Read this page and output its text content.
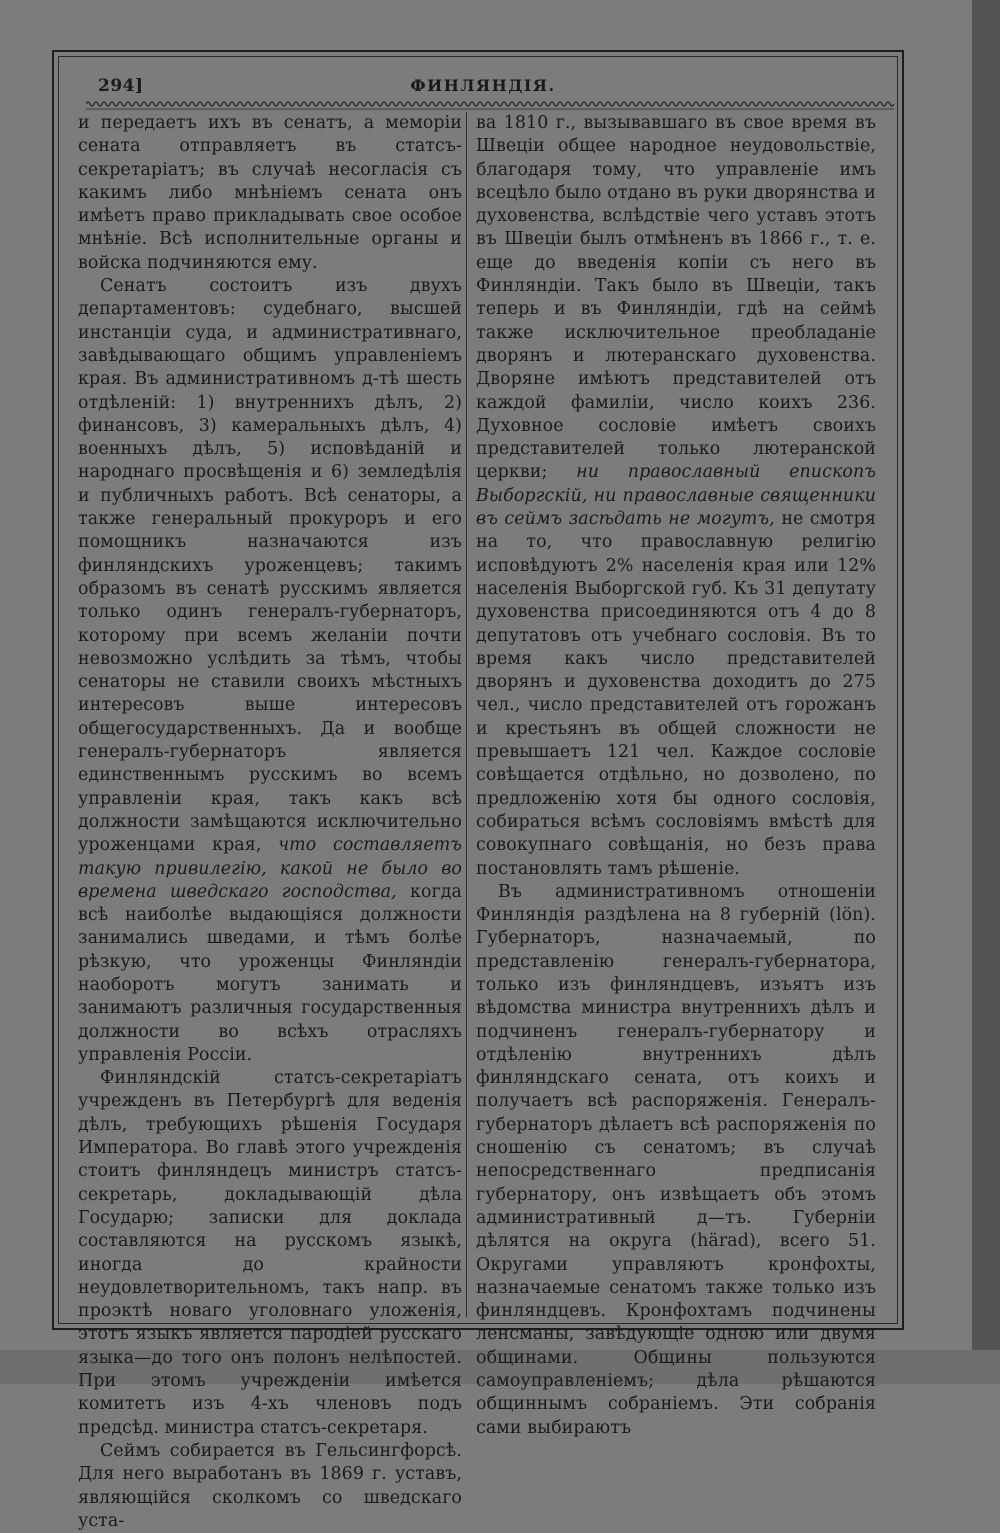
294]	ФИНЛЯНДІЯ.

и передаетъ ихъ въ сенатъ, а меморіи сената отправляетъ въ статсъ-секретаріатъ; въ случаѣ несогласія съ какимъ либо мнѣніемъ сената онъ имѣетъ право прикладывать свое особое мнѣніе. Всѣ исполнительные органы и войска подчиняются ему.

Сенатъ состоитъ изъ двухъ департаментовъ: судебнаго, высшей инстанціи суда, и административнаго, завѣдывающаго общимъ управленіемъ края. Въ административномъ д-тѣ шесть отдѣленій: 1) внутреннихъ дѣлъ, 2) финансовъ, 3) камеральныхъ дѣлъ, 4) военныхъ дѣлъ, 5) исповѣданій и народнаго просвѣщенія и 6) земледѣлія и публичныхъ работъ. Всѣ сенаторы, а также генеральный прокуроръ и его помощникъ назначаются изъ финляндскихъ уроженцевъ; такимъ образомъ въ сенатѣ русскимъ является только одинъ генералъ-губернаторъ, которому при всемъ желаніи почти невозможно услѣдить за тѣмъ, чтобы сенаторы не ставили своихъ мѣстныхъ интересовъ выше интересовъ общегосударственныхъ. Да и вообще генералъ-губернаторъ является единственнымъ русскимъ во всемъ управленіи края, такъ какъ всѣ должности замѣщаются исключительно уроженцами края, что составляетъ такую привилегію, какой не было во времена шведскаго господства, когда всѣ наиболѣе выдающіяся должности занимались шведами, и тѣмъ болѣе рѣзкую, что уроженцы Финляндіи наоборотъ могутъ занимать и занимаютъ различныя государственныя должности во всѣхъ отрасляхъ управленія Россіи.

Финляндскій статсъ-секретаріатъ учрежденъ въ Петербургѣ для веденія дѣлъ, требующихъ рѣшенія Государя Императора. Во главѣ этого учрежденія стоитъ финляндецъ министръ статсъ-секретарь, докладывающій дѣла Государю; записки для доклада составляются на русскомъ языкѣ, иногда до крайности неудовлетворительномъ, такъ напр. въ проэктѣ новаго уголовнаго уложенія, этотъ языкъ является пародіей русскаго языка—до того онъ полонъ нелѣпостей. При этомъ учрежденіи имѣется комитетъ изъ 4-хъ членовъ подъ предсѣд. министра статсъ-секретаря.

Сеймъ собирается въ Гельсингфорсѣ. Для него выработанъ въ 1869 г. уставъ, являющійся сколкомъ со шведскаго уста-

ва 1810 г., вызывавшаго въ свое время въ Швеціи общее народное неудовольствіе, благодаря тому, что управленіе имъ всецѣло было отдано въ руки дворянства и духовенства, вслѣдствіе чего уставъ этотъ въ Швеціи былъ отмѣненъ въ 1866 г., т. е. еще до введенія копіи съ него въ Финляндіи. Такъ было въ Швеціи, такъ теперь и въ Финляндіи, гдѣ на сеймѣ также исключительное преобладаніе дворянъ и лютеранскаго духовенства. Дворяне имѣютъ представителей отъ каждой фамиліи, число коихъ 236. Духовное сословіе имѣетъ своихъ представителей только лютеранской церкви; ни православный епископъ Выборгскій, ни православные священники въ сеймъ засѣдать не могутъ, не смотря на то, что православную религію исповѣдуютъ 2% населенія края или 12% населенія Выборгской губ. Къ 31 депутату духовенства присоединяются отъ 4 до 8 депутатовъ отъ учебнаго сословія. Въ то время какъ число представителей дворянъ и духовенства доходитъ до 275 чел., число представителей отъ горожанъ и крестьянъ въ общей сложности не превышаетъ 121 чел. Каждое сословіе совѣщается отдѣльно, но дозволено, по предложенію хотя бы одного сословія, собираться всѣмъ сословіямъ вмѣстѣ для совокупнаго совѣщанія, но безъ права постановлять тамъ рѣшеніе.

Въ административномъ отношеніи Финляндія раздѣлена на 8 губерній (lön). Губернаторъ, назначаемый, по представленію генералъ-губернатора, только изъ финляндцевъ, изъятъ изъ вѣдомства министра внутреннихъ дѣлъ и подчиненъ генералъ-губернатору и отдѣленію внутреннихъ дѣлъ финляндскаго сената, отъ коихъ и получаетъ всѣ распоряженія. Генералъ-губернаторъ дѣлаетъ всѣ распоряженія по сношенію съ сенатомъ; въ случаѣ непосредственнаго предписанія губернатору, онъ извѣщаетъ объ этомъ административный д—тъ. Губерніи дѣлятся на округа (härad), всего 51. Округами управляютъ кронфохты, назначаемые сенатомъ также только изъ финляндцевъ. Кронфохтамъ подчинены ленсманы, завѣдующіе одною или двумя общинами. Общины пользуются самоуправленіемъ; дѣла рѣшаются общиннымъ собраніемъ. Эти собранія сами выбираютъ
